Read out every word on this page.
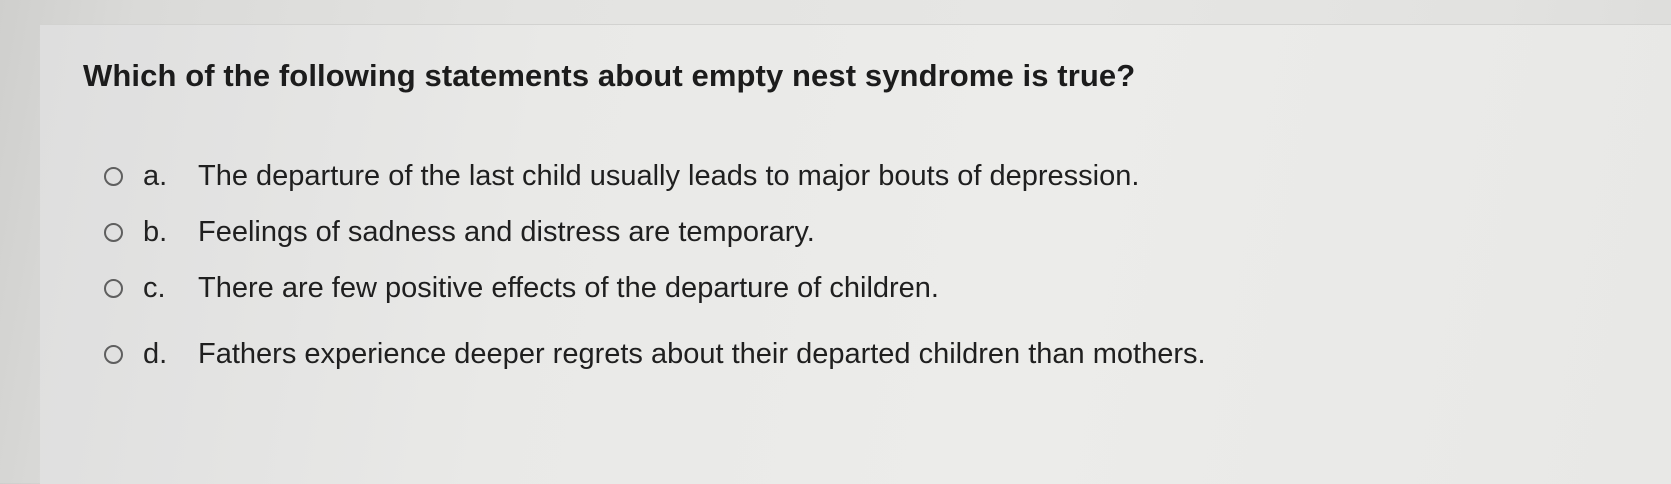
Which of the following statements about empty nest syndrome is true?
a.	The departure of the last child usually leads to major bouts of depression.
b.	Feelings of sadness and distress are temporary.
c.	There are few positive effects of the departure of children.
d.	Fathers experience deeper regrets about their departed children than mothers.
